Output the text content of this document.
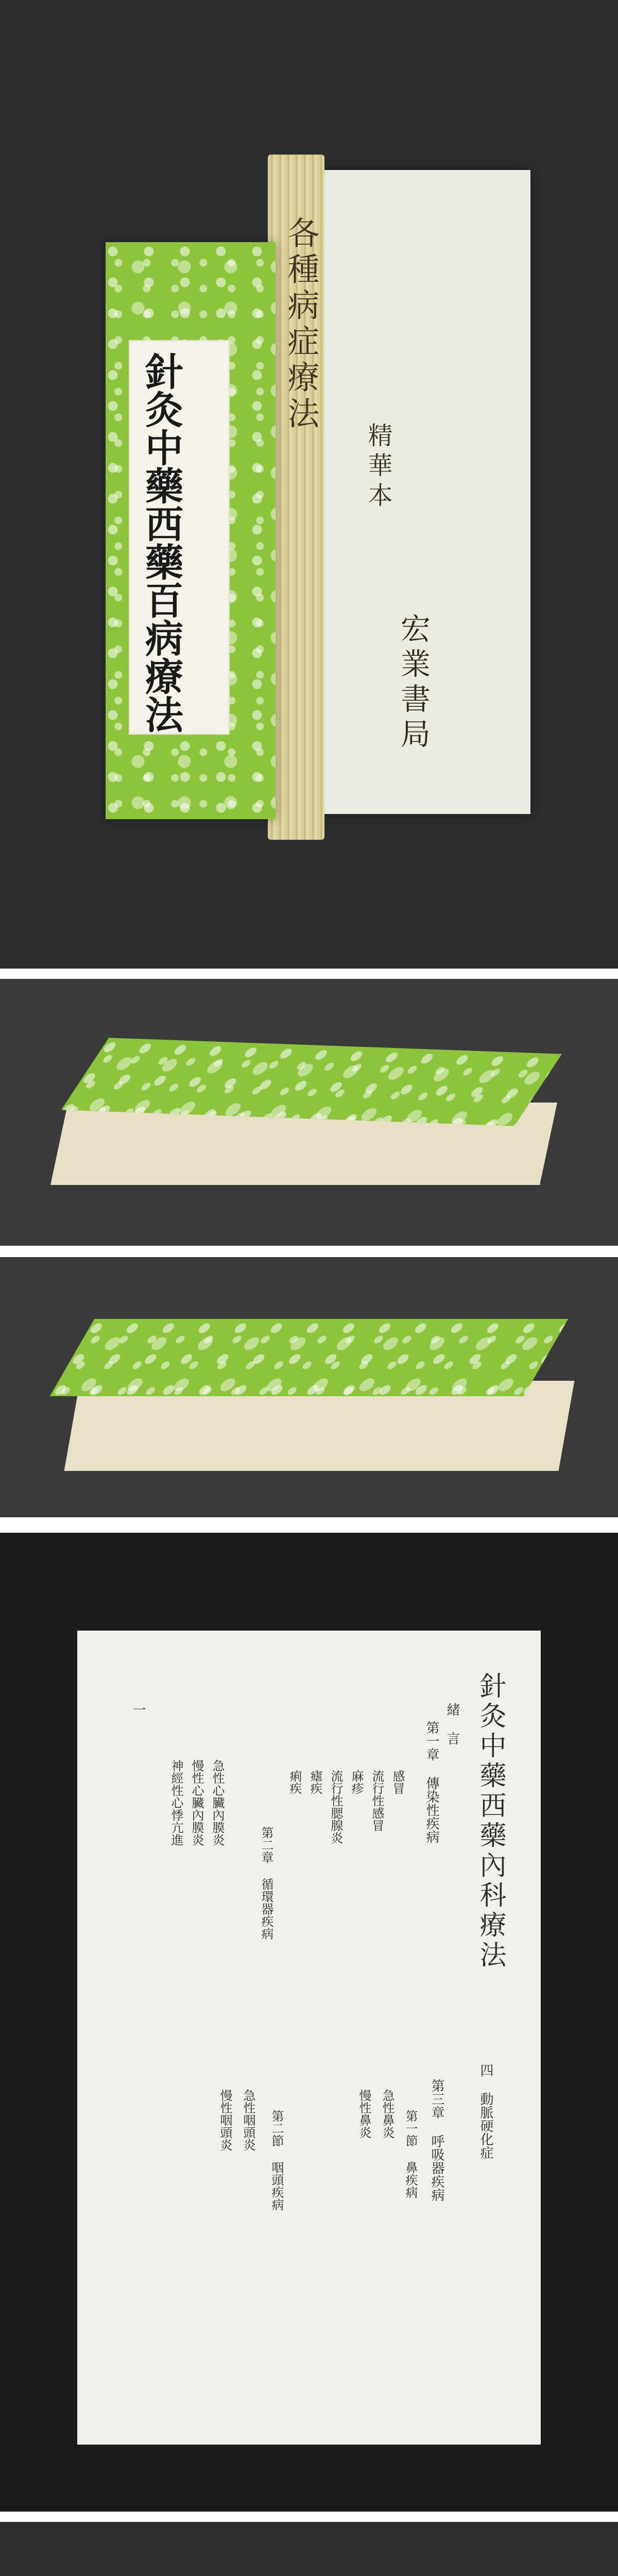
各種病症療法
精華本
宏業書局
針灸中藥西藥百病療法
針灸中藥西藥內科療法
緒 言
第一章 傳染性疾病
感冒
流行性感冒
麻疹
流行性腮腺炎
瘧疾
痢疾
第二章 循環器疾病
急性心臟內膜炎
慢性心臟內膜炎
神經性心悸亢進
一
四 動脈硬化症
第三章 呼吸器疾病
第一節 鼻疾病
第二節 咽頭疾病	急性鼻炎
慢性鼻炎
急性咽頭炎
慢性咽頭炎
